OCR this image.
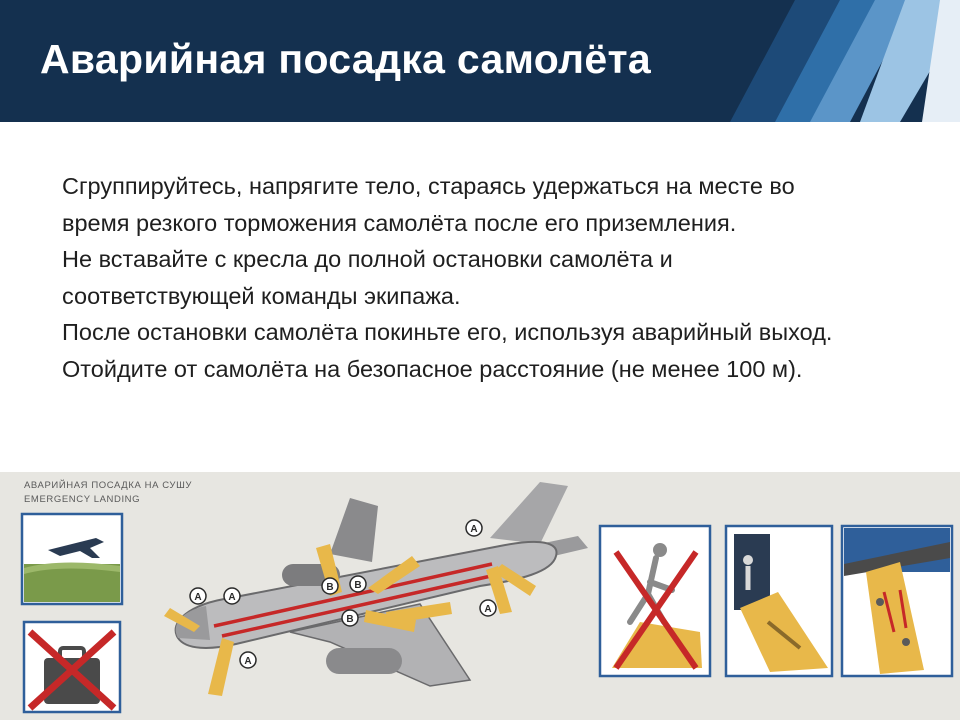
Аварийная посадка самолёта

Сгруппируйтесь, напрягите тело, стараясь удержаться на месте во время резкого торможения самолёта после его приземления.

Не вставайте с кресла до полной остановки самолёта и соответствующей команды экипажа.

После остановки самолёта покиньте его, используя аварийный выход. Отойдите от самолёта на безопасное расстояние (не менее 100 м).

АВАРИЙНАЯ ПОСАДКА НА СУШУ
EMERGENCY LANDING
A	A
A
A
A
B B
B
